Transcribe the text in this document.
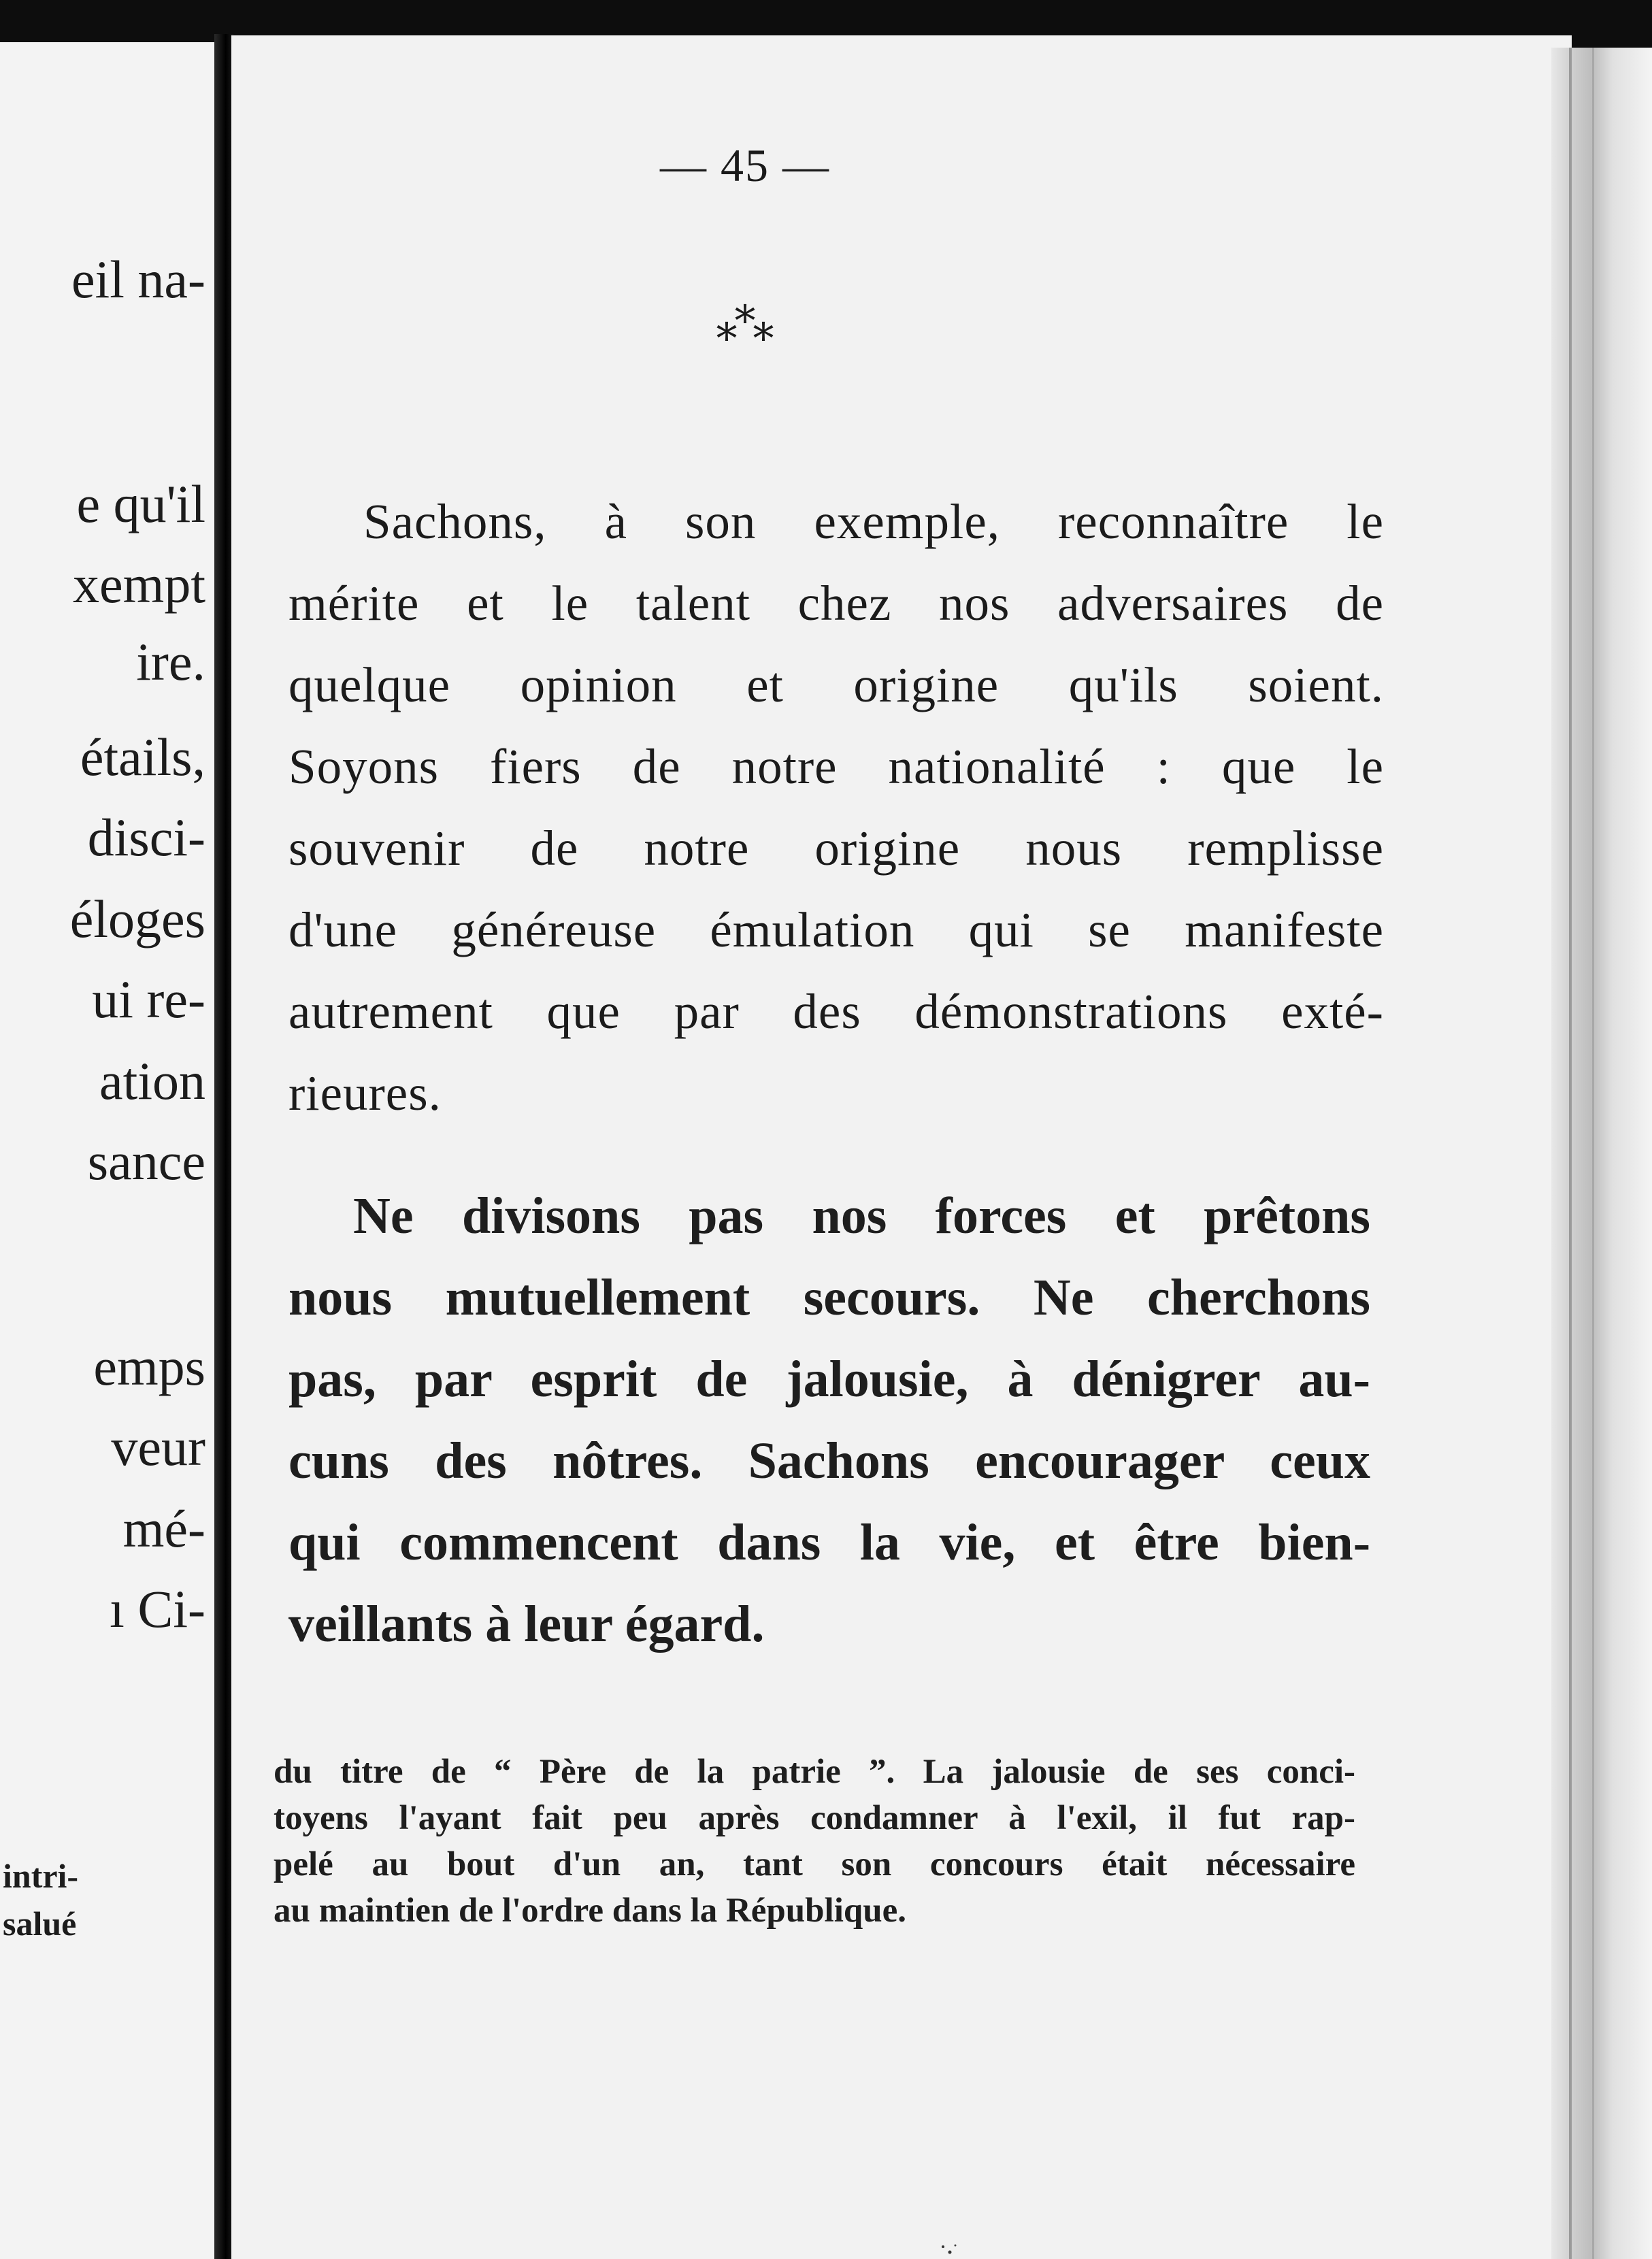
eil na-
e qu'il
xempt
ire.
étails,
disci-
éloges
ui re-
ation
sance
emps
veur
mé-
ı Ci-
intri-
salué
— 45 —
***
Sachons, à son exemple, reconnaître le
mérite et le talent chez nos adversaires de
quelque opinion et origine qu'ils soient.
Soyons fiers de notre nationalité : que le
souvenir de notre origine nous remplisse
d'une généreuse émulation qui se manifeste
autrement que par des démonstrations exté-
rieures.
Ne divisons pas nos forces et prêtons
nous mutuellement secours. Ne cherchons
pas, par esprit de jalousie, à dénigrer au-
cuns des nôtres. Sachons encourager ceux
qui commencent dans la vie, et être bien-
veillants à leur égard.
du titre de “ Père de la patrie ”. La jalousie de ses conci-
toyens l'ayant fait peu après condamner à l'exil, il fut rap-
pelé au bout d'un an, tant son concours était nécessaire
au maintien de l'ordre dans la République.
